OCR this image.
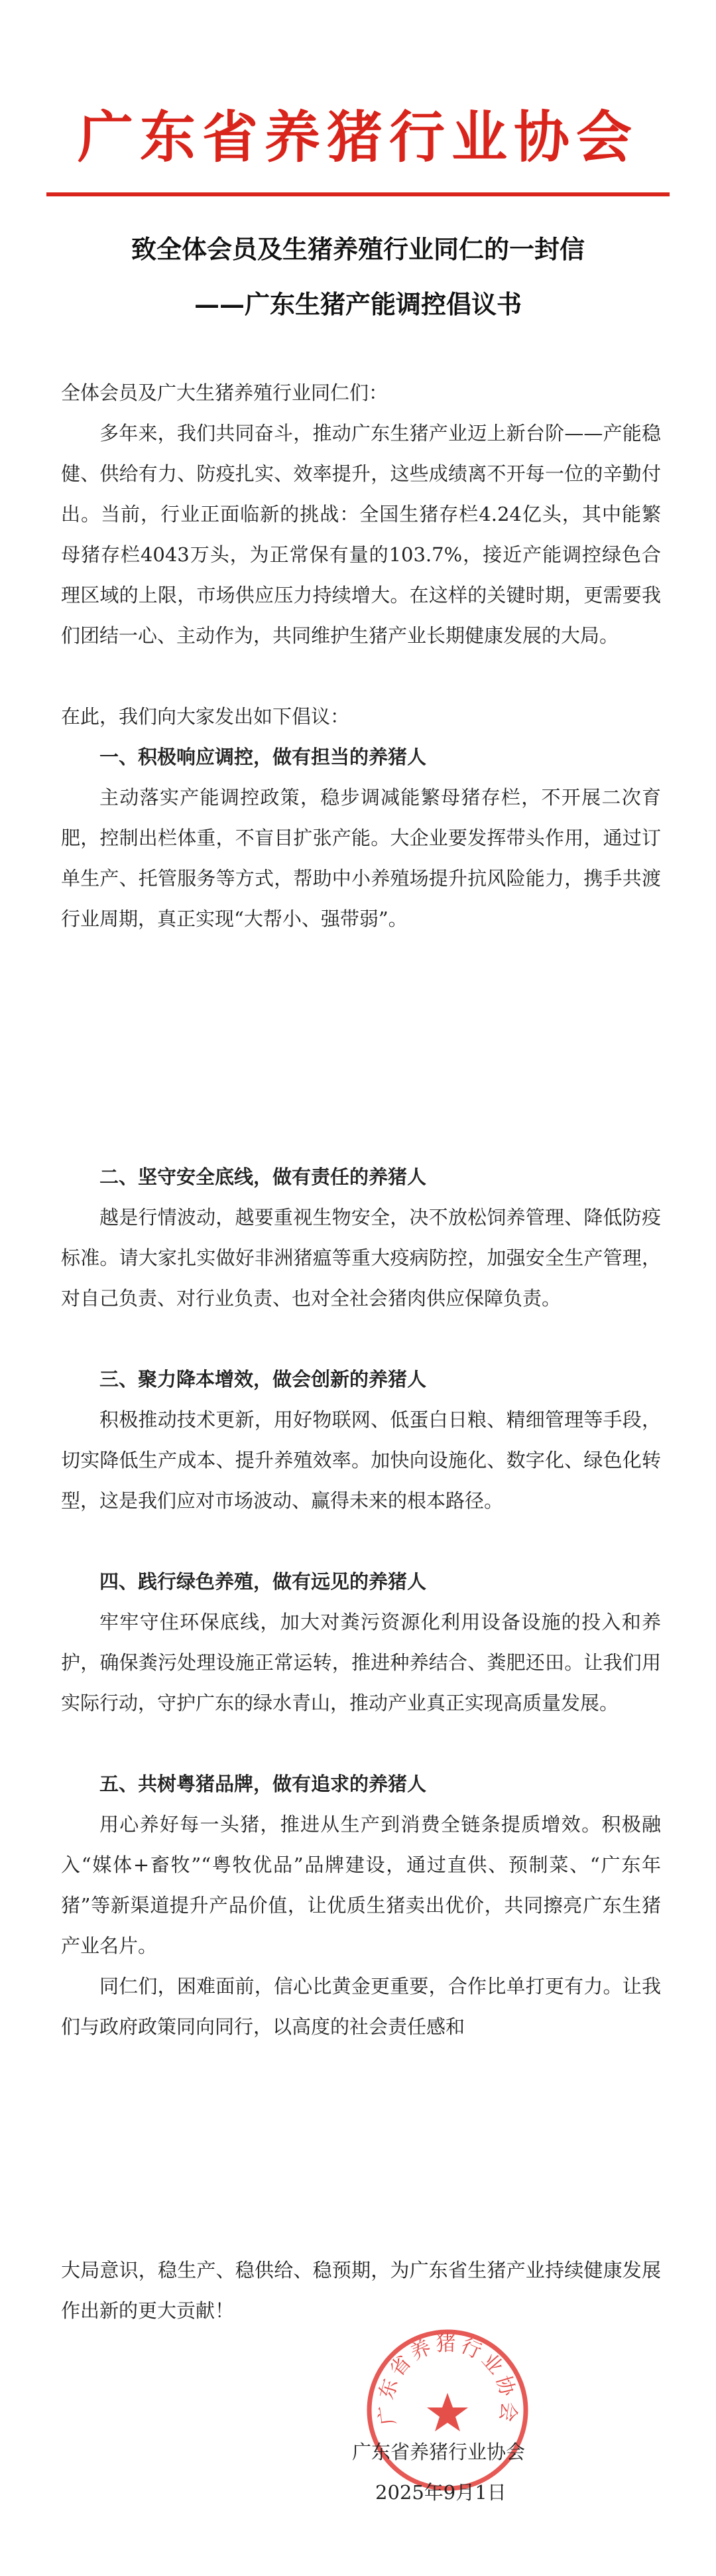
广东省养猪行业协会
致全体会员及生猪养殖行业同仁的一封信
——广东生猪产能调控倡议书

全体会员及广大生猪养殖行业同仁们：

多年来，我们共同奋斗，推动广东生猪产业迈上新台阶——产能稳健、供给有力、防疫扎实、效率提升，这些成绩离不开每一位的辛勤付出。当前，行业正面临新的挑战：全国生猪存栏4.24亿头，其中能繁母猪存栏4043万头，为正常保有量的103.7%，接近产能调控绿色合理区域的上限，市场供应压力持续增大。在这样的关键时期，更需要我们团结一心、主动作为，共同维护生猪产业长期健康发展的大局。

在此，我们向大家发出如下倡议：

一、积极响应调控，做有担当的养猪人

主动落实产能调控政策，稳步调减能繁母猪存栏，不开展二次育肥，控制出栏体重，不盲目扩张产能。大企业要发挥带头作用，通过订单生产、托管服务等方式，帮助中小养殖场提升抗风险能力，携手共渡行业周期，真正实现“大帮小、强带弱”。

二、坚守安全底线，做有责任的养猪人

越是行情波动，越要重视生物安全，决不放松饲养管理、降低防疫标准。请大家扎实做好非洲猪瘟等重大疫病防控，加强安全生产管理，对自己负责、对行业负责、也对全社会猪肉供应保障负责。

三、聚力降本增效，做会创新的养猪人

积极推动技术更新，用好物联网、低蛋白日粮、精细管理等手段，切实降低生产成本、提升养殖效率。加快向设施化、数字化、绿色化转型，这是我们应对市场波动、赢得未来的根本路径。

四、践行绿色养殖，做有远见的养猪人

牢牢守住环保底线，加大对粪污资源化利用设备设施的投入和养护，确保粪污处理设施正常运转，推进种养结合、粪肥还田。让我们用实际行动，守护广东的绿水青山，推动产业真正实现高质量发展。

五、共树粤猪品牌，做有追求的养猪人

用心养好每一头猪，推进从生产到消费全链条提质增效。积极融入“媒体+畜牧”“粤牧优品”品牌建设，通过直供、预制菜、“广东年猪”等新渠道提升产品价值，让优质生猪卖出优价，共同擦亮广东生猪产业名片。

同仁们，困难面前，信心比黄金更重要，合作比单打更有力。让我们与政府政策同向同行，以高度的社会责任感和

大局意识，稳生产、稳供给、稳预期，为广东省生猪产业持续健康发展作出新的更大贡献！

广东省养猪行业协会
广东省养猪行业协会
2025年9月1日
